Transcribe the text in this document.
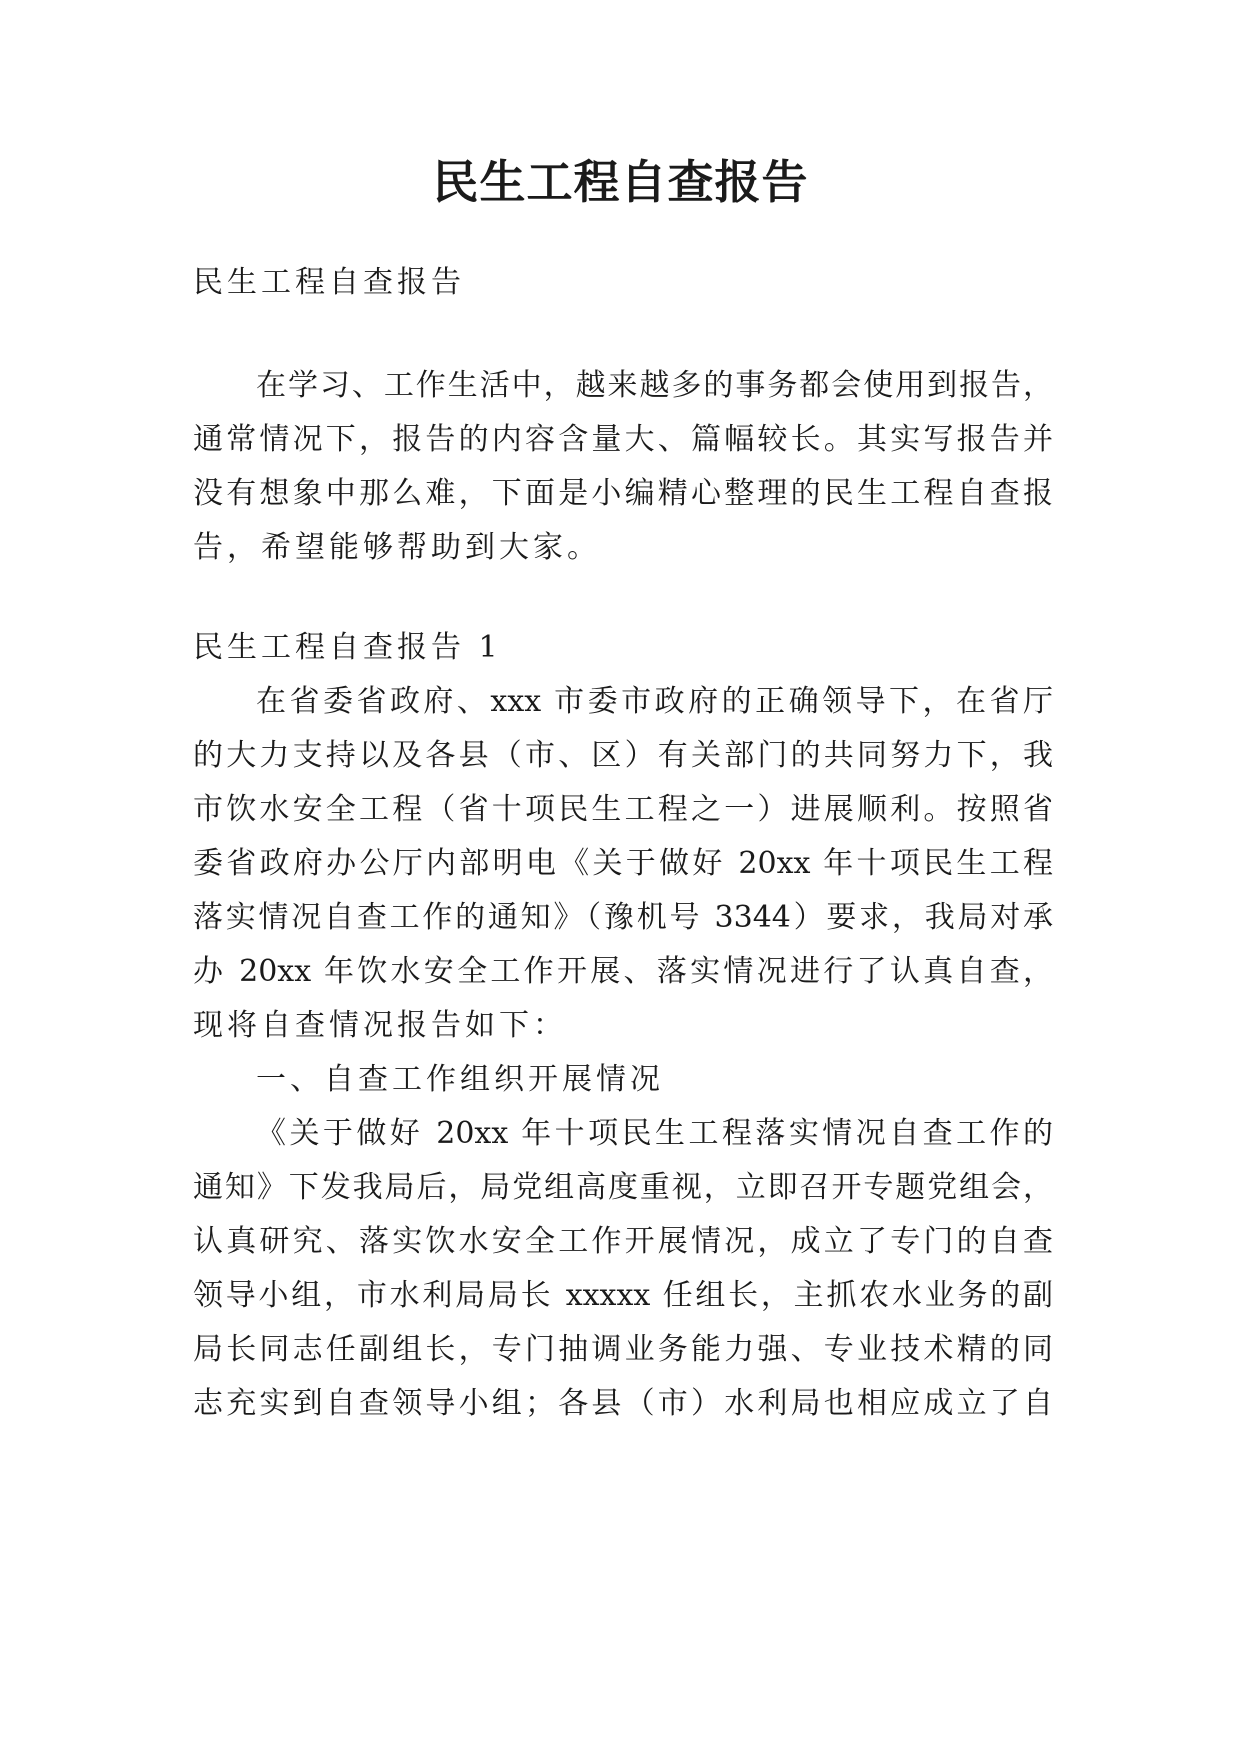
民生工程自查报告
民生工程自查报告
在学习、工作生活中，越来越多的事务都会使用到报告，
通常情况下，报告的内容含量大、篇幅较长。其实写报告并
没有想象中那么难，下面是小编精心整理的民生工程自查报
告，希望能够帮助到大家。
民生工程自查报告 1
在省委省政府、xxx 市委市政府的正确领导下，在省厅
的大力支持以及各县（市、区）有关部门的共同努力下，我
市饮水安全工程（省十项民生工程之一）进展顺利。按照省
委省政府办公厅内部明电《关于做好 20xx 年十项民生工程
落实情况自查工作的通知》（豫机号 3344）要求，我局对承
办 20xx 年饮水安全工作开展、落实情况进行了认真自查，
现将自查情况报告如下：
一、自查工作组织开展情况
《关于做好 20xx 年十项民生工程落实情况自查工作的
通知》下发我局后，局党组高度重视，立即召开专题党组会，
认真研究、落实饮水安全工作开展情况，成立了专门的自查
领导小组，市水利局局长 xxxxx 任组长，主抓农水业务的副
局长同志任副组长，专门抽调业务能力强、专业技术精的同
志充实到自查领导小组；各县（市）水利局也相应成立了自
